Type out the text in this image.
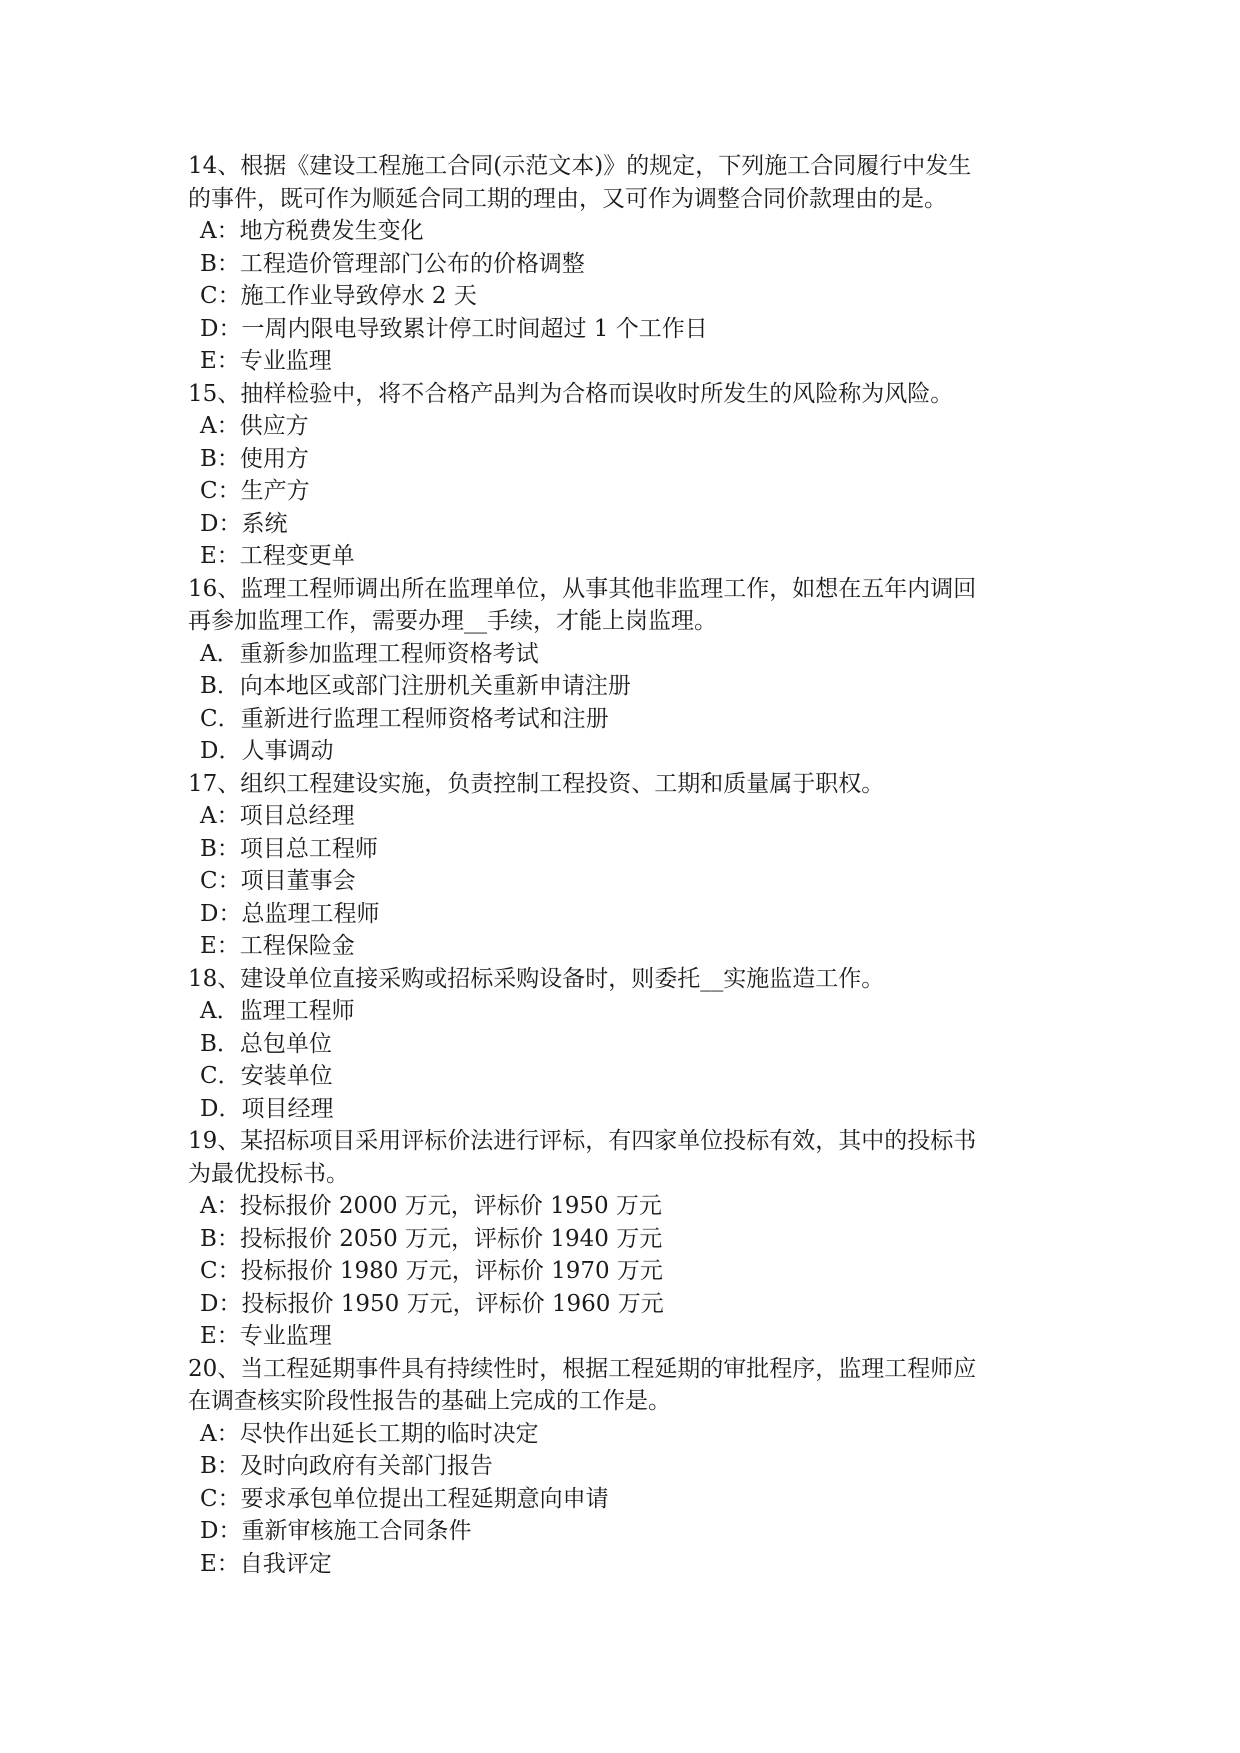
14、根据《建设工程施工合同(示范文本)》的规定，下列施工合同履行中发生
的事件，既可作为顺延合同工期的理由，又可作为调整合同价款理由的是。
A：地方税费发生变化
B：工程造价管理部门公布的价格调整
C：施工作业导致停水 2 天
D：一周内限电导致累计停工时间超过 1 个工作日
E：专业监理
15、抽样检验中，将不合格产品判为合格而误收时所发生的风险称为风险。
A：供应方
B：使用方
C：生产方
D：系统
E：工程变更单
16、监理工程师调出所在监理单位，从事其他非监理工作，如想在五年内调回
再参加监理工作，需要办理__手续，才能上岗监理。
A．重新参加监理工程师资格考试
B．向本地区或部门注册机关重新申请注册
C．重新进行监理工程师资格考试和注册
D．人事调动
17、组织工程建设实施，负责控制工程投资、工期和质量属于职权。
A：项目总经理
B：项目总工程师
C：项目董事会
D：总监理工程师
E：工程保险金
18、建设单位直接采购或招标采购设备时，则委托__实施监造工作。
A．监理工程师
B．总包单位
C．安装单位
D．项目经理
19、某招标项目采用评标价法进行评标，有四家单位投标有效，其中的投标书
为最优投标书。
A：投标报价 2000 万元，评标价 1950 万元
B：投标报价 2050 万元，评标价 1940 万元
C：投标报价 1980 万元，评标价 1970 万元
D：投标报价 1950 万元，评标价 1960 万元
E：专业监理
20、当工程延期事件具有持续性时，根据工程延期的审批程序，监理工程师应
在调查核实阶段性报告的基础上完成的工作是。
A：尽快作出延长工期的临时决定
B：及时向政府有关部门报告
C：要求承包单位提出工程延期意向申请
D：重新审核施工合同条件
E：自我评定
